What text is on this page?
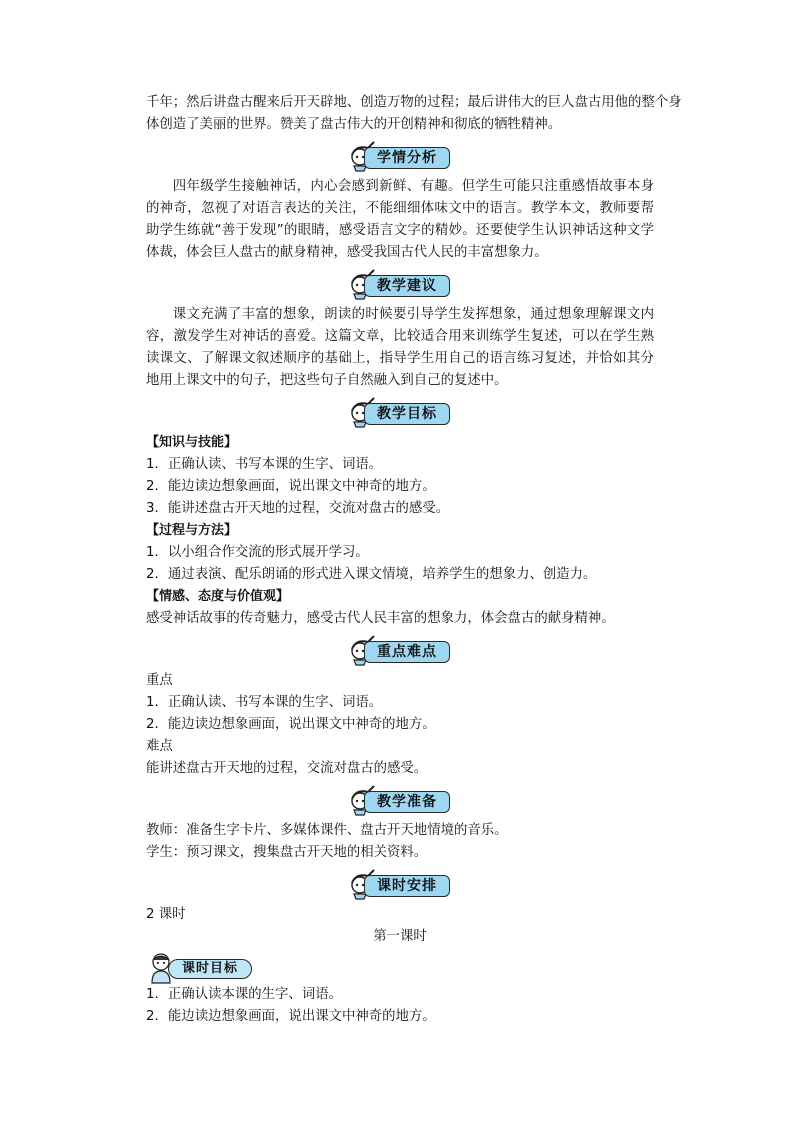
千年；然后讲盘古醒来后开天辟地、创造万物的过程；最后讲伟大的巨人盘古用他的整个身

体创造了美丽的世界。赞美了盘古伟大的开创精神和彻底的牺牲精神。

学情分析

四年级学生接触神话，内心会感到新鲜、有趣。但学生可能只注重感悟故事本身的神奇，忽视了对语言表达的关注，不能细细体味文中的语言。教学本文，教师要帮助学生练就“善于发现”的眼睛，感受语言文字的精妙。还要使学生认识神话这种文学体裁，体会巨人盘古的献身精神，感受我国古代人民的丰富想象力。

教学建议

课文充满了丰富的想象，朗读的时候要引导学生发挥想象，通过想象理解课文内容，激发学生对神话的喜爱。这篇文章，比较适合用来训练学生复述，可以在学生熟读课文、了解课文叙述顺序的基础上，指导学生用自己的语言练习复述，并恰如其分地用上课文中的句子，把这些句子自然融入到自己的复述中。

教学目标

【知识与技能】

1．正确认读、书写本课的生字、词语。

2．能边读边想象画面，说出课文中神奇的地方。

3．能讲述盘古开天地的过程，交流对盘古的感受。

【过程与方法】

1．以小组合作交流的形式展开学习。

2．通过表演、配乐朗诵的形式进入课文情境，培养学生的想象力、创造力。

【情感、态度与价值观】

感受神话故事的传奇魅力，感受古代人民丰富的想象力，体会盘古的献身精神。

重点难点

重点

1．正确认读、书写本课的生字、词语。

2．能边读边想象画面，说出课文中神奇的地方。

难点

能讲述盘古开天地的过程，交流对盘古的感受。

教学准备

教师：准备生字卡片、多媒体课件、盘古开天地情境的音乐。

学生：预习课文，搜集盘古开天地的相关资料。

课时安排

2 课时

第一课时

课时目标

1．正确认读本课的生字、词语。

2．能边读边想象画面，说出课文中神奇的地方。
